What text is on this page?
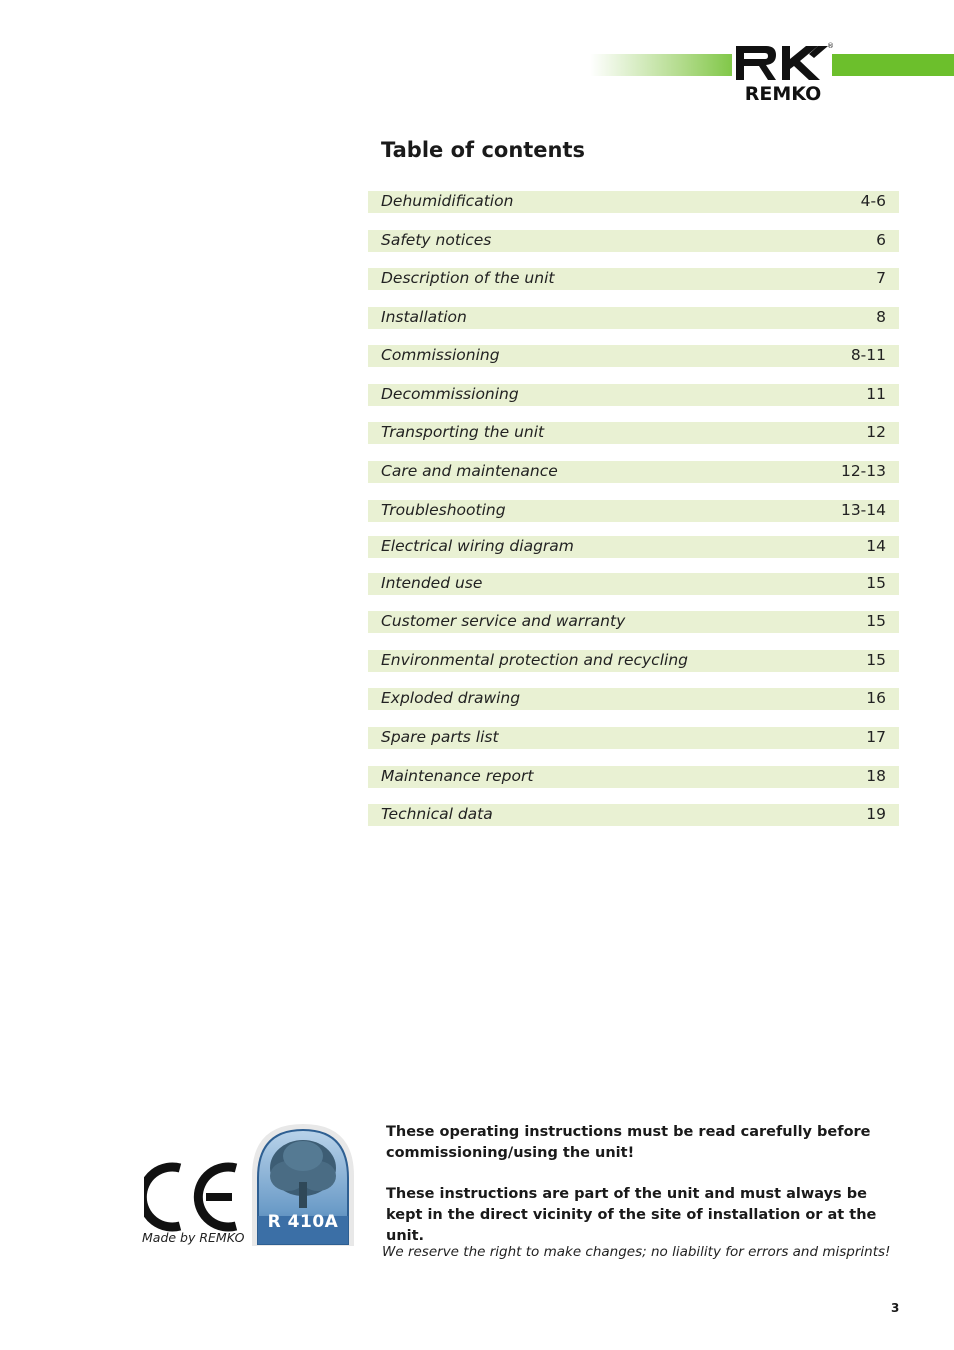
®
REMKO
Table of contents
Dehumidification	4-6
Safety notices	6
Description of the unit	7
Installation	8
Commissioning	8-11
Decommissioning	11
Transporting the unit	12
Care and maintenance	12-13
Troubleshooting	13-14
Electrical wiring diagram	14
Intended use	15
Customer service and warranty	15
Environmental protection and recycling	15
Exploded drawing	16
Spare parts list	17
Maintenance report	18
Technical data	19
Made by REMKO
R 410A

These operating instructions must be read carefully before commissioning/using the unit!

These instructions are part of the unit and must always be kept in the direct vicinity of the site of installation or at the unit.

We reserve the right to make changes; no liability for errors and misprints!

3
